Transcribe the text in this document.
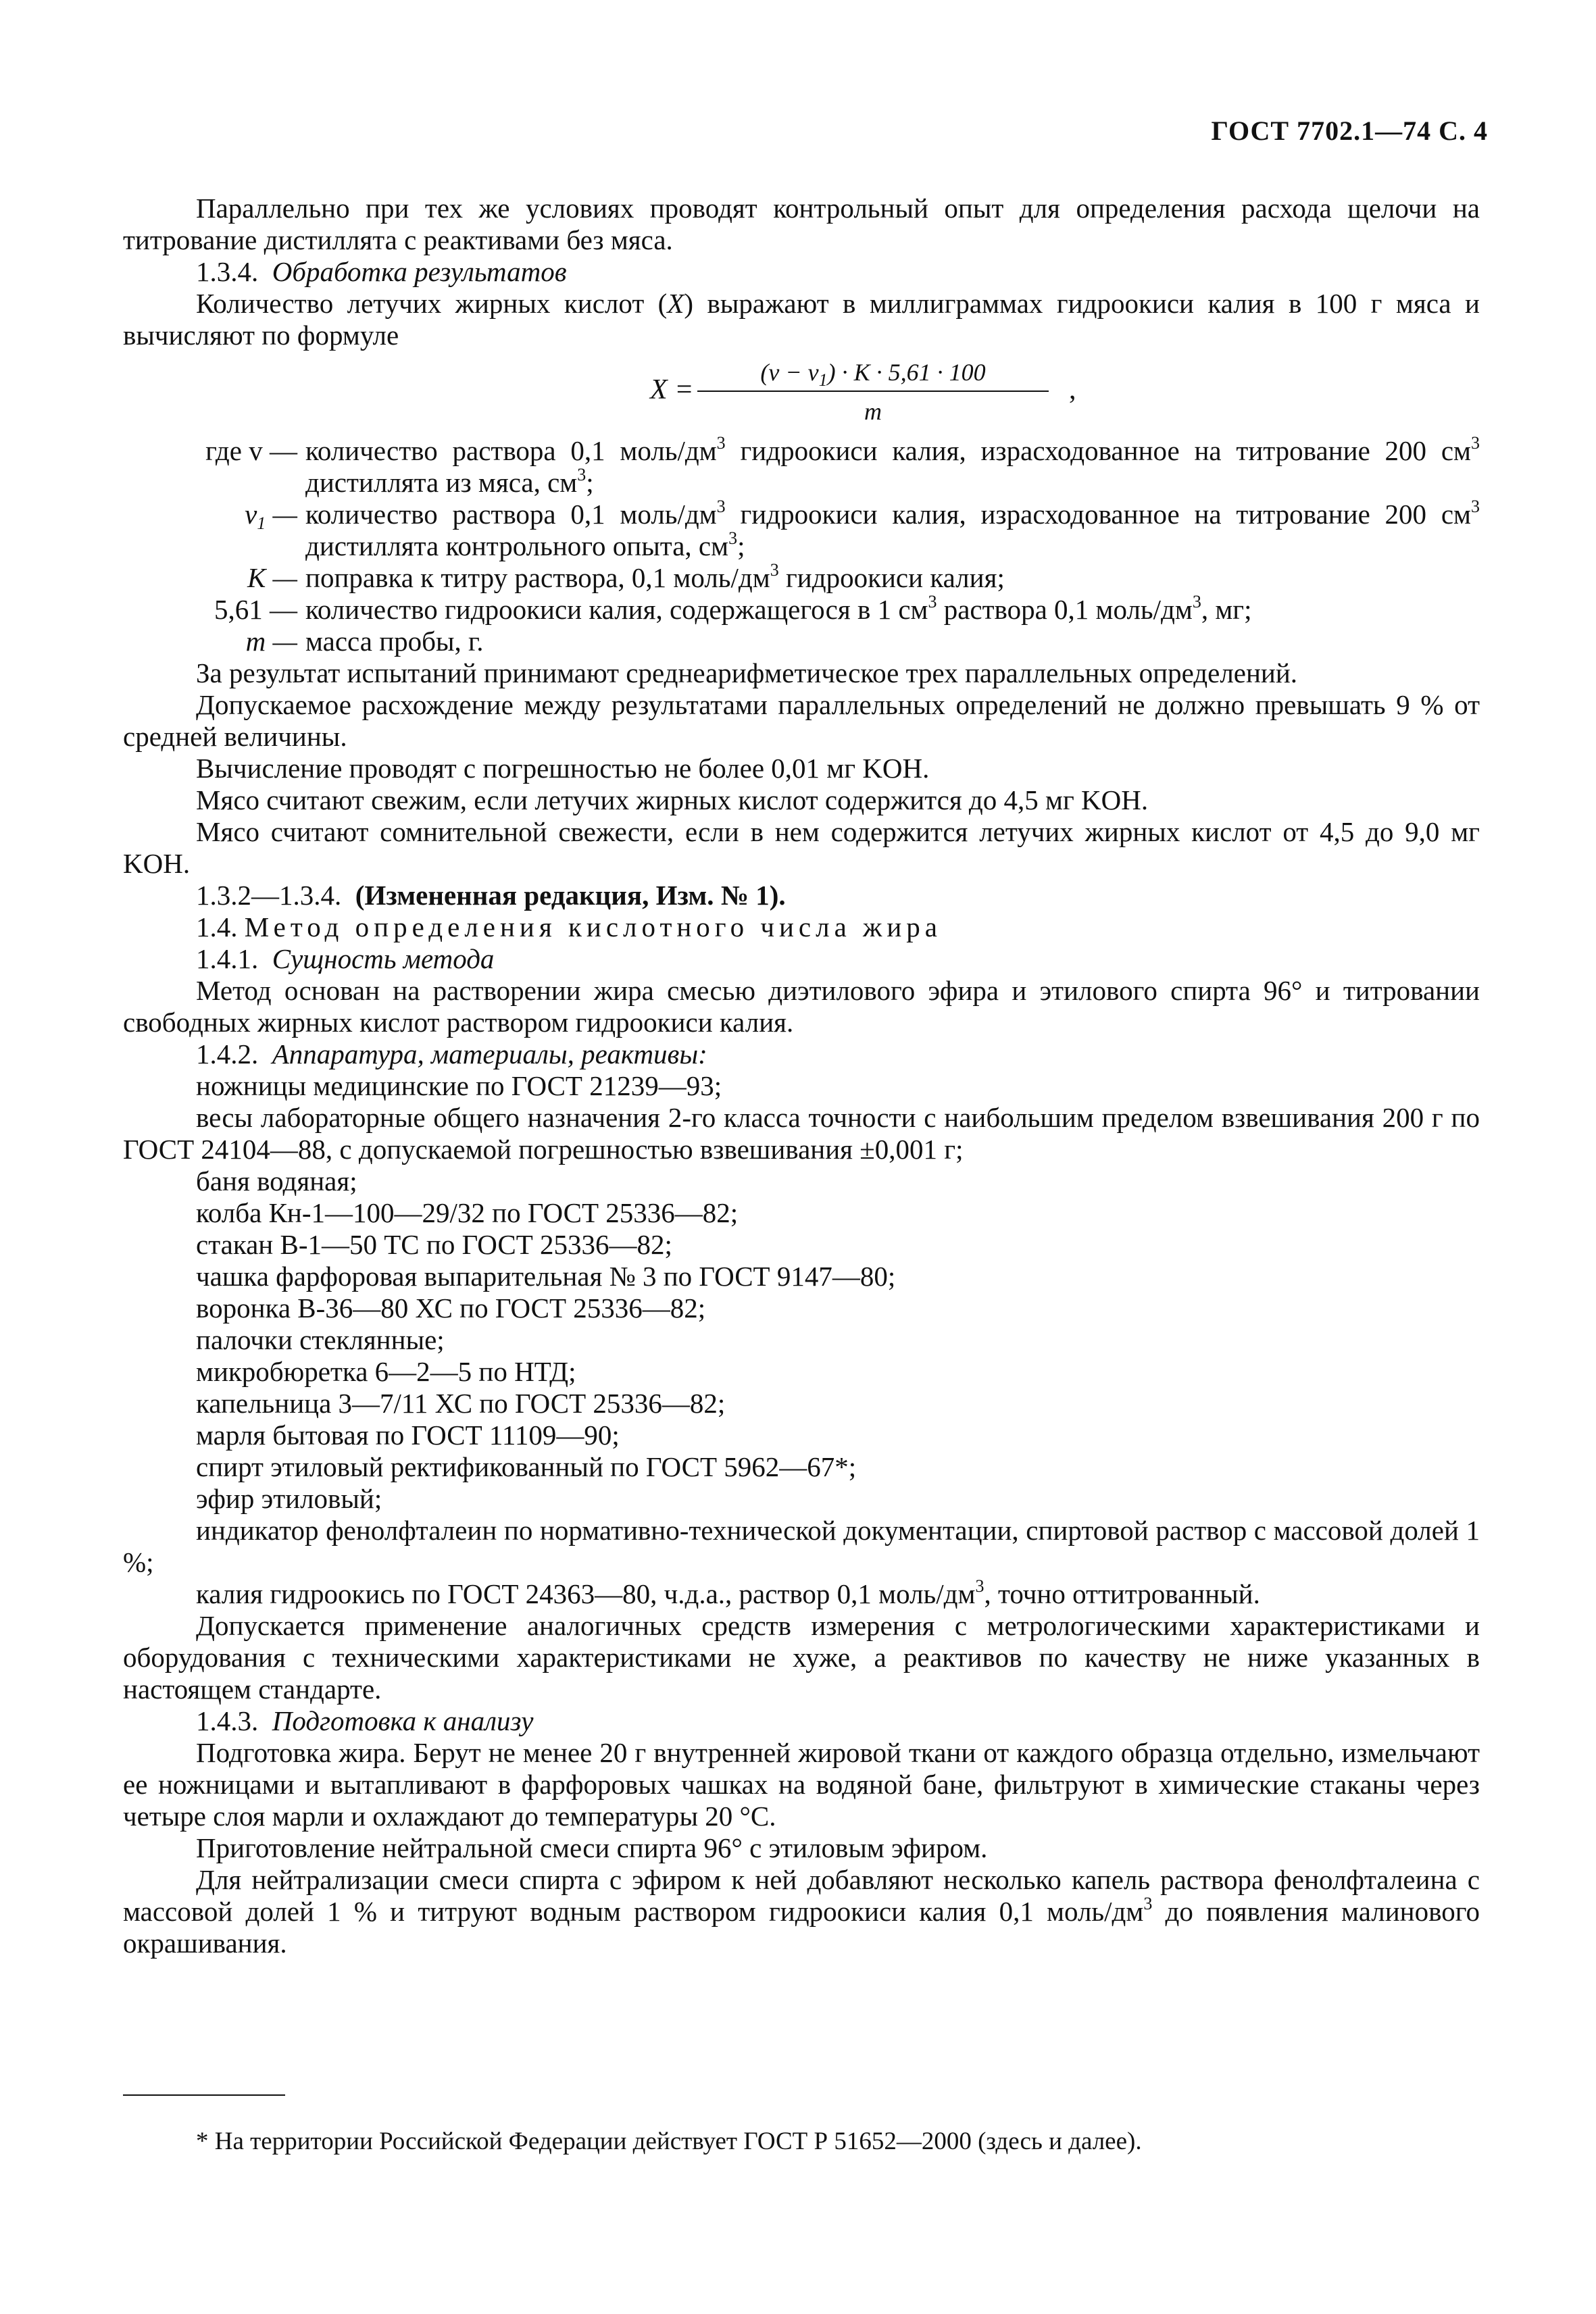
ГОСТ 7702.1—74 С. 4

Параллельно при тех же условиях проводят контрольный опыт для определения расхода щелочи на титрование дистиллята с реактивами без мяса.

1.3.4. Обработка результатов

Количество летучих жирных кислот (X) выражают в миллиграммах гидроокиси калия в 100 г мяса и вычисляют по формуле

$X = \frac{(v - v_1) \cdot K \cdot 5,61 \cdot 100}{m}$ ,
где v — количество раствора 0,1 моль/$дм^3$ гидроокиси калия, израсходованное на титрование 200 $см^3$ дистиллята из мяса, $см^3$;
$v_1$ — количество раствора 0,1 моль/$дм^3$ гидроокиси калия, израсходованное на титрование 200 $см^3$ дистиллята контрольного опыта, $см^3$;
K — поправка к титру раствора, 0,1 моль/$дм^3$ гидроокиси калия;
5,61 — количество гидроокиси калия, содержащегося в 1 $см^3$ раствора 0,1 моль/$дм^3$, мг;
m — масса пробы, г.

За результат испытаний принимают среднеарифметическое трех параллельных определений.

Допускаемое расхождение между результатами параллельных определений не должно превышать 9 % от средней величины.

Вычисление проводят с погрешностью не более 0,01 мг KOH.

Мясо считают свежим, если летучих жирных кислот содержится до 4,5 мг KOH.

Мясо считают сомнительной свежести, если в нем содержится летучих жирных кислот от 4,5 до 9,0 мг KOH.

1.3.2—1.3.4. (Измененная редакция, Изм. № 1).

1.4. Метод определения кислотного числа жира

1.4.1. Сущность метода

Метод основан на растворении жира смесью диэтилового эфира и этилового спирта 96° и титровании свободных жирных кислот раствором гидроокиси калия.

1.4.2. Аппаратура, материалы, реактивы:

ножницы медицинские по ГОСТ 21239—93;

весы лабораторные общего назначения 2-го класса точности с наибольшим пределом взвешивания 200 г по ГОСТ 24104—88, с допускаемой погрешностью взвешивания ±0,001 г;

баня водяная;

колба Кн-1—100—29/32 по ГОСТ 25336—82;

стакан В-1—50 ТС по ГОСТ 25336—82;

чашка фарфоровая выпарительная № 3 по ГОСТ 9147—80;

воронка В-36—80 ХС по ГОСТ 25336—82;

палочки стеклянные;

микробюретка 6—2—5 по НТД;

капельница 3—7/11 ХС по ГОСТ 25336—82;

марля бытовая по ГОСТ 11109—90;

спирт этиловый ректификованный по ГОСТ 5962—67*;

эфир этиловый;

индикатор фенолфталеин по нормативно-технической документации, спиртовой раствор с массовой долей 1 %;

калия гидроокись по ГОСТ 24363—80, ч.д.а., раствор 0,1 моль/$дм^3$, точно оттитрованный.

Допускается применение аналогичных средств измерения с метрологическими характеристиками и оборудования с техническими характеристиками не хуже, а реактивов по качеству не ниже указанных в настоящем стандарте.

1.4.3. Подготовка к анализу

Подготовка жира. Берут не менее 20 г внутренней жировой ткани от каждого образца отдельно, измельчают ее ножницами и вытапливают в фарфоровых чашках на водяной бане, фильтруют в химические стаканы через четыре слоя марли и охлаждают до температуры 20 °С.

Приготовление нейтральной смеси спирта 96° с этиловым эфиром.

Для нейтрализации смеси спирта с эфиром к ней добавляют несколько капель раствора фенолфталеина с массовой долей 1 % и титруют водным раствором гидроокиси калия 0,1 моль/$дм^3$ до появления малинового окрашивания.

* На территории Российской Федерации действует ГОСТ Р 51652—2000 (здесь и далее).
